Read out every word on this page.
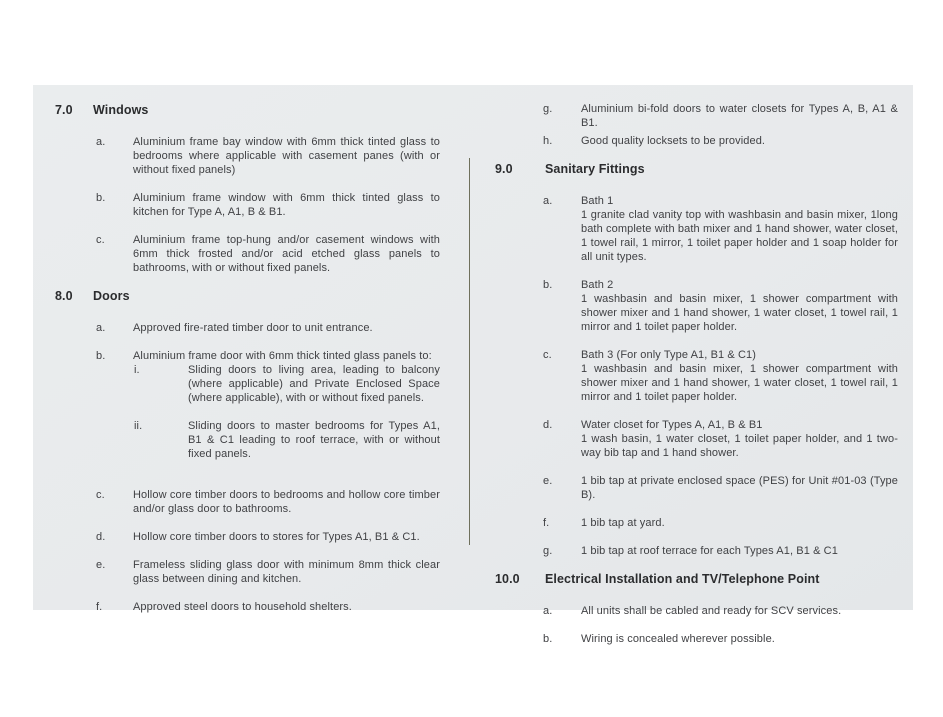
7.0	Windows
a.	Aluminium frame bay window with 6mm thick tinted glass to bedrooms where applicable with casement panes (with or without fixed panels)

b.	Aluminium frame window with 6mm thick tinted glass to kitchen for Type A, A1, B & B1.

c.	Aluminium frame top-hung and/or casement windows with 6mm thick frosted and/or acid etched glass panels to bathrooms, with or without fixed panels.

8.0	Doors
a.	Approved fire-rated timber door to unit entrance.

b.	Aluminium frame door with 6mm thick tinted glass panels to:

i.	Sliding doors to living area, leading to balcony (where applicable) and Private Enclosed Space (where applicable), with or without fixed panels.

ii.	Sliding doors to master bedrooms for Types A1, B1 & C1 leading to roof terrace, with or without fixed panels.

c.	Hollow core timber doors to bedrooms and hollow core timber and/or glass door to bathrooms.

d.	Hollow core timber doors to stores for Types A1, B1 & C1.

e.	Frameless sliding glass door with minimum 8mm thick clear glass between dining and kitchen.

f.	Approved steel doors to household shelters.

g.	Aluminium bi-fold doors to water closets for Types A, B, A1 & B1.

h.	Good quality locksets to be provided.

9.0	Sanitary Fittings
a.	Bath 1

1 granite clad vanity top with washbasin and basin mixer, 1long bath complete with bath mixer and 1 hand shower, water closet, 1 towel rail, 1 mirror, 1 toilet paper holder and 1 soap holder for all unit types.

b.	Bath 2

1 washbasin and basin mixer, 1 shower compartment with shower mixer and 1 hand shower, 1 water closet, 1 towel rail, 1 mirror and 1 toilet paper holder.

c.	Bath 3 (For only Type A1, B1 & C1)

1 washbasin and basin mixer, 1 shower compartment with shower mixer and 1 hand shower, 1 water closet, 1 towel rail, 1 mirror and 1 toilet paper holder.

d.	Water closet for Types A, A1, B & B1

1 wash basin, 1 water closet, 1 toilet paper holder, and 1 two-way bib tap and 1 hand shower.

e.	1 bib tap at private enclosed space (PES) for Unit #01-03 (Type B).

f.	1 bib tap at yard.

g.	1 bib tap at roof terrace for each Types A1, B1 & C1

10.0	Electrical Installation and TV/Telephone Point
a.	All units shall be cabled and ready for SCV services.

b.	Wiring is concealed wherever possible.
